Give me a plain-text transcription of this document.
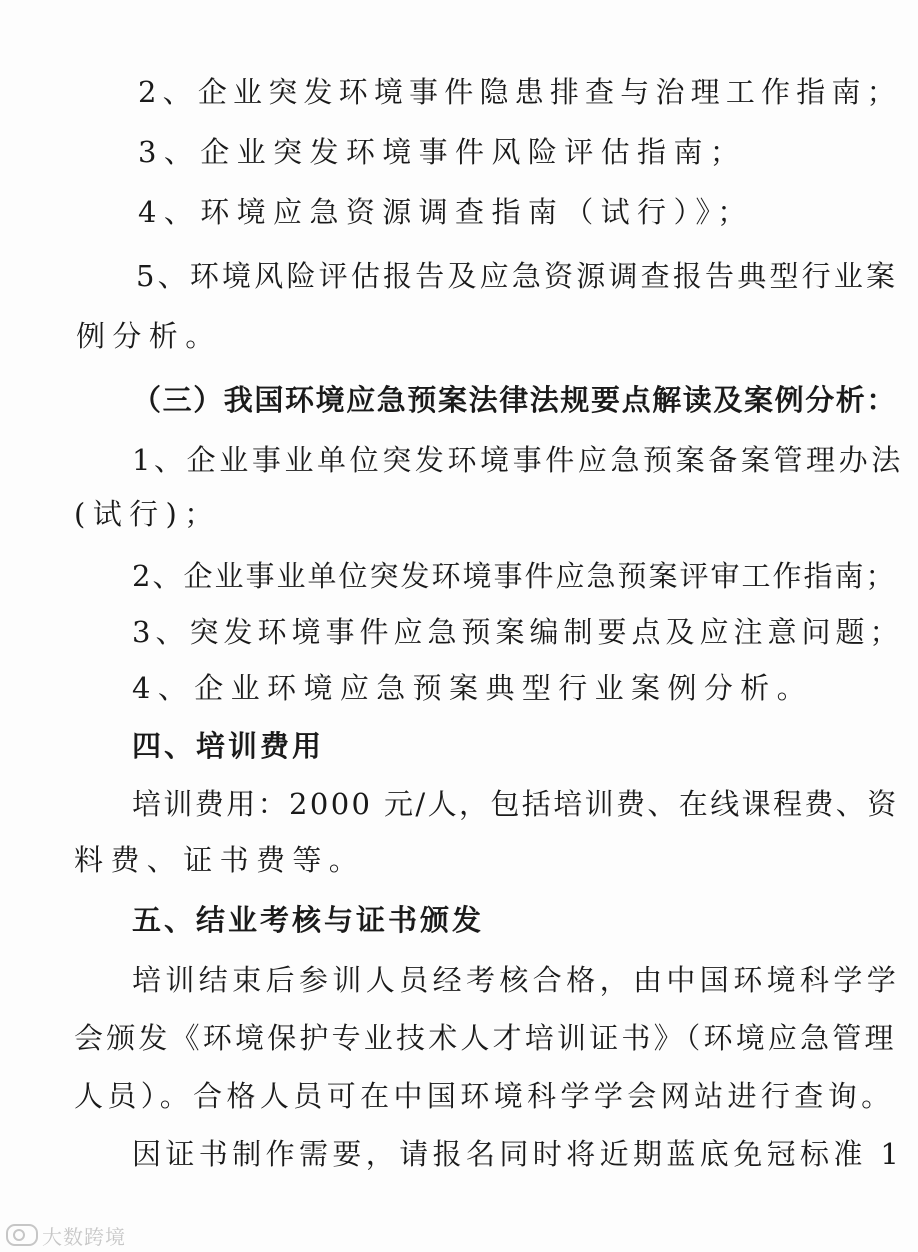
2、企业突发环境事件隐患排查与治理工作指南；
3、企业突发环境事件风险评估指南；
4、环境应急资源调查指南（试行）》；
5、环境风险评估报告及应急资源调查报告典型行业案
例分析。
（三）我国环境应急预案法律法规要点解读及案例分析：
1、企业事业单位突发环境事件应急预案备案管理办法
(试行)；
2、企业事业单位突发环境事件应急预案评审工作指南；
3、突发环境事件应急预案编制要点及应注意问题；
4、企业环境应急预案典型行业案例分析。
四、培训费用
培训费用：2000 元/人，包括培训费、在线课程费、资
料费、证书费等。
五、结业考核与证书颁发
培训结束后参训人员经考核合格，由中国环境科学学
会颁发《环境保护专业技术人才培训证书》（环境应急管理
人员）。合格人员可在中国环境科学学会网站进行查询。
因证书制作需要，请报名同时将近期蓝底免冠标准 1
大数跨境
